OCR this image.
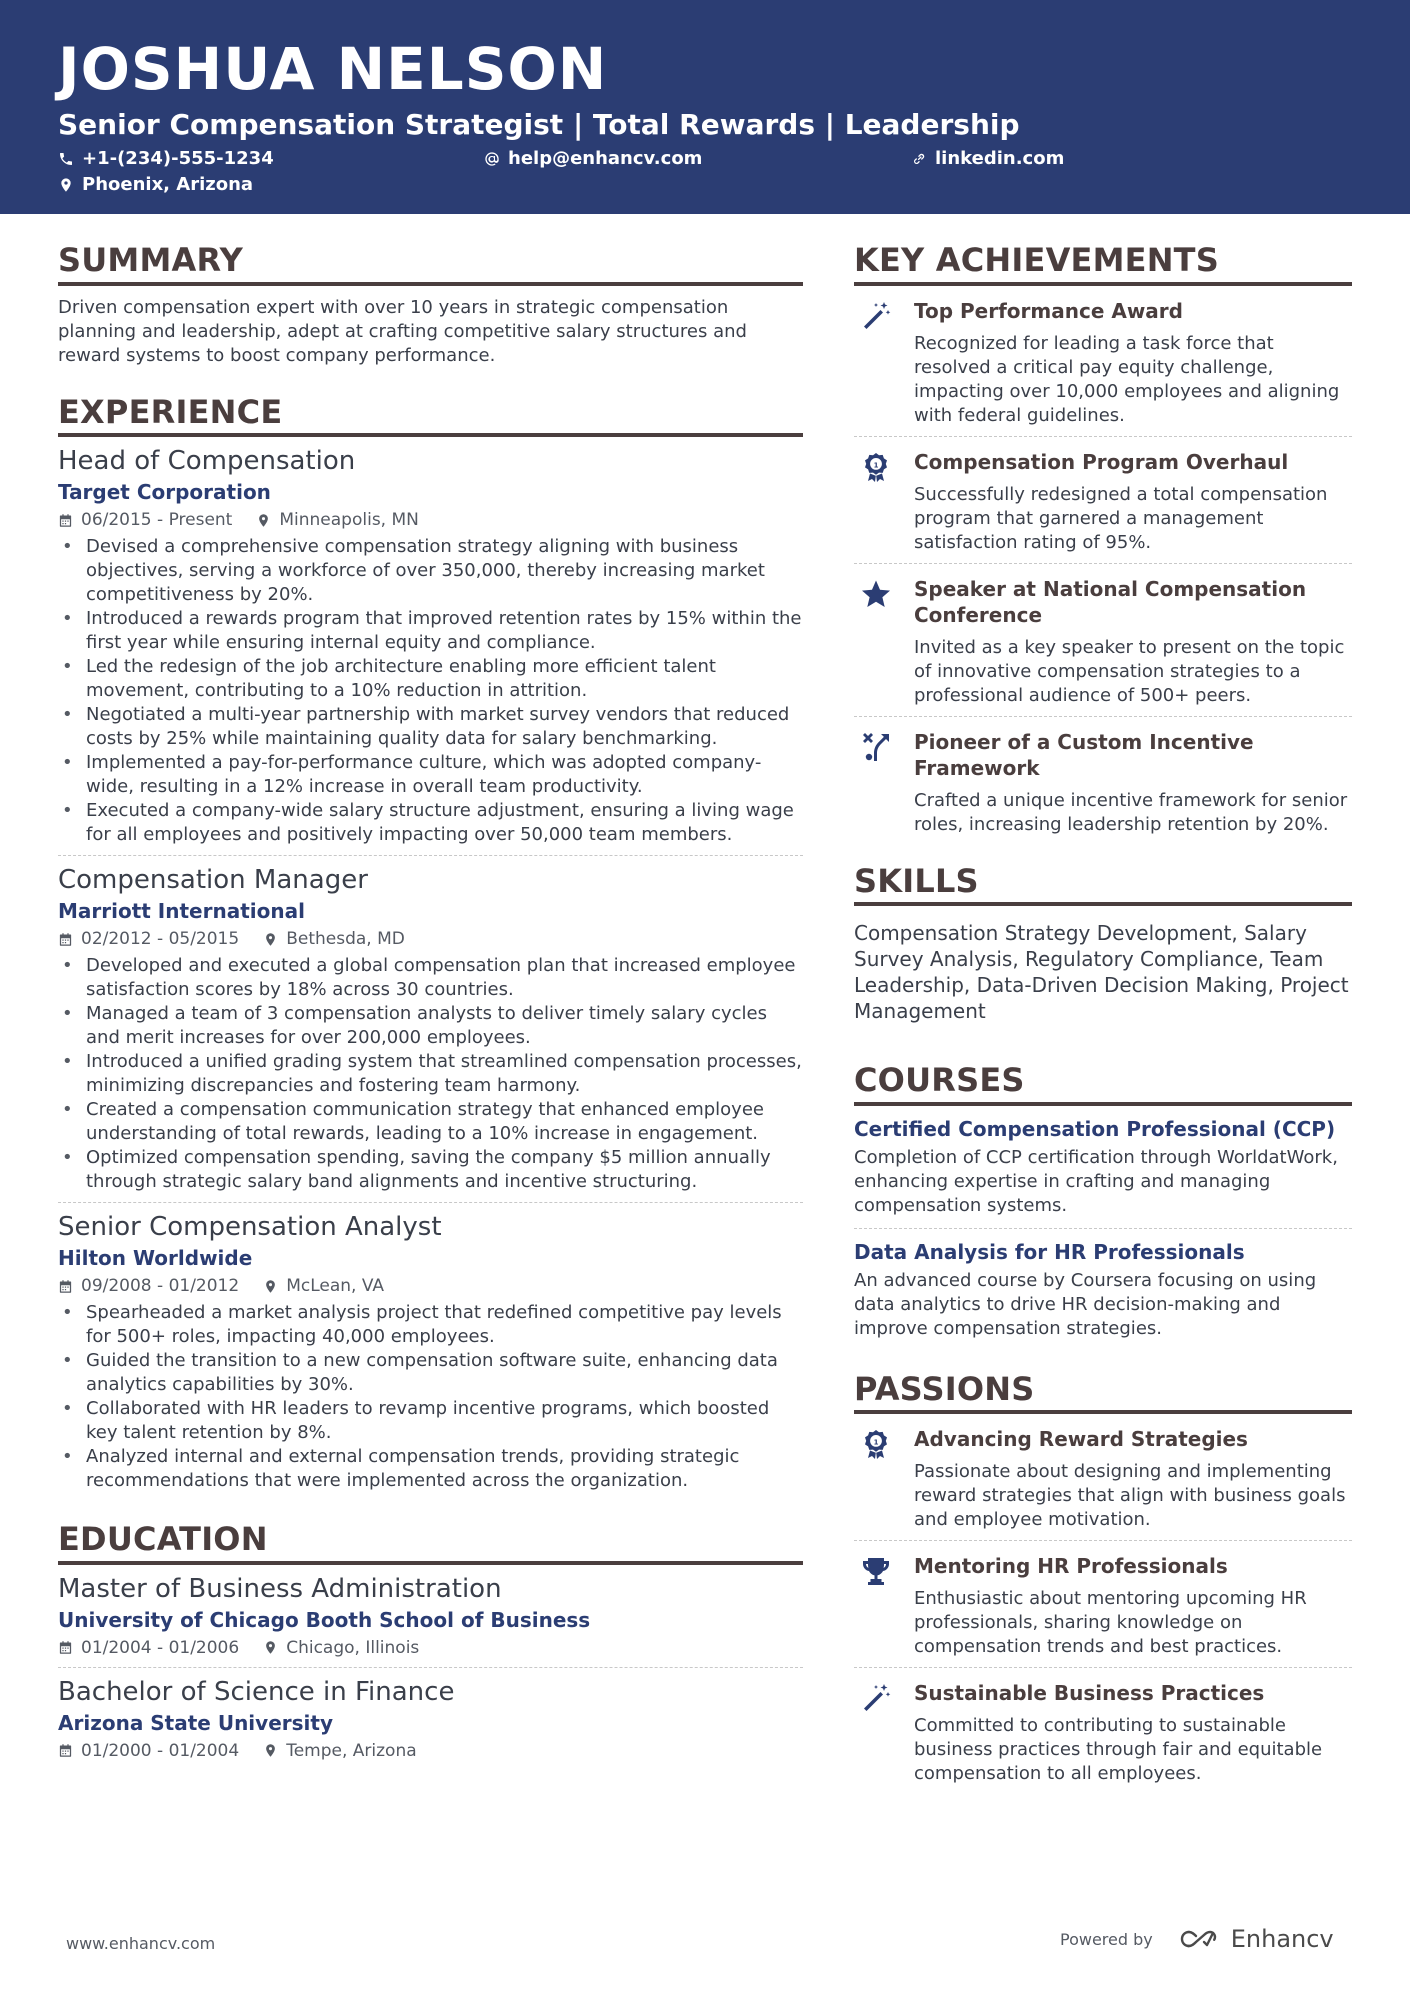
JOSHUA NELSON
Senior Compensation Strategist | Total Rewards | Leadership
+1-(234)-555-1234	help@enhancv.com	linkedin.com
Phoenix, Arizona
SUMMARY
Driven compensation expert with over 10 years in strategic compensation planning and leadership, adept at crafting competitive salary structures and reward systems to boost company performance.
EXPERIENCE
Head of Compensation
Target Corporation
06/2015 - Present	Minneapolis, MN
• Devised a comprehensive compensation strategy aligning with business objectives, serving a workforce of over 350,000, thereby increasing market competitiveness by 20%.
• Introduced a rewards program that improved retention rates by 15% within the first year while ensuring internal equity and compliance.
• Led the redesign of the job architecture enabling more efficient talent movement, contributing to a 10% reduction in attrition.
• Negotiated a multi-year partnership with market survey vendors that reduced costs by 25% while maintaining quality data for salary benchmarking.
• Implemented a pay-for-performance culture, which was adopted company-wide, resulting in a 12% increase in overall team productivity.
• Executed a company-wide salary structure adjustment, ensuring a living wage for all employees and positively impacting over 50,000 team members.
Compensation Manager
Marriott International
02/2012 - 05/2015	Bethesda, MD
• Developed and executed a global compensation plan that increased employee satisfaction scores by 18% across 30 countries.
• Managed a team of 3 compensation analysts to deliver timely salary cycles and merit increases for over 200,000 employees.
• Introduced a unified grading system that streamlined compensation processes, minimizing discrepancies and fostering team harmony.
• Created a compensation communication strategy that enhanced employee understanding of total rewards, leading to a 10% increase in engagement.
• Optimized compensation spending, saving the company $5 million annually through strategic salary band alignments and incentive structuring.
Senior Compensation Analyst
Hilton Worldwide
09/2008 - 01/2012	McLean, VA
• Spearheaded a market analysis project that redefined competitive pay levels for 500+ roles, impacting 40,000 employees.
• Guided the transition to a new compensation software suite, enhancing data analytics capabilities by 30%.
• Collaborated with HR leaders to revamp incentive programs, which boosted key talent retention by 8%.
• Analyzed internal and external compensation trends, providing strategic recommendations that were implemented across the organization.
EDUCATION
Master of Business Administration
University of Chicago Booth School of Business
01/2004 - 01/2006	Chicago, Illinois
Bachelor of Science in Finance
Arizona State University
01/2000 - 01/2004	Tempe, Arizona
KEY ACHIEVEMENTS
Top Performance Award
Recognized for leading a task force that resolved a critical pay equity challenge, impacting over 10,000 employees and aligning with federal guidelines.
1 Compensation Program Overhaul
Successfully redesigned a total compensation program that garnered a management satisfaction rating of 95%.
Speaker at National Compensation Conference
Invited as a key speaker to present on the topic of innovative compensation strategies to a professional audience of 500+ peers.
Pioneer of a Custom Incentive Framework
Crafted a unique incentive framework for senior roles, increasing leadership retention by 20%.
SKILLS
Compensation Strategy Development, Salary Survey Analysis, Regulatory Compliance, Team Leadership, Data-Driven Decision Making, Project Management
COURSES
Certified Compensation Professional (CCP)
Completion of CCP certification through WorldatWork, enhancing expertise in crafting and managing compensation systems.
Data Analysis for HR Professionals
An advanced course by Coursera focusing on using data analytics to drive HR decision-making and improve compensation strategies.
PASSIONS
1 Advancing Reward Strategies
Passionate about designing and implementing reward strategies that align with business goals and employee motivation.
Mentoring HR Professionals
Enthusiastic about mentoring upcoming HR professionals, sharing knowledge on compensation trends and best practices.
Sustainable Business Practices
Committed to contributing to sustainable business practices through fair and equitable compensation to all employees.
www.enhancv.com	Powered by	Enhancv
